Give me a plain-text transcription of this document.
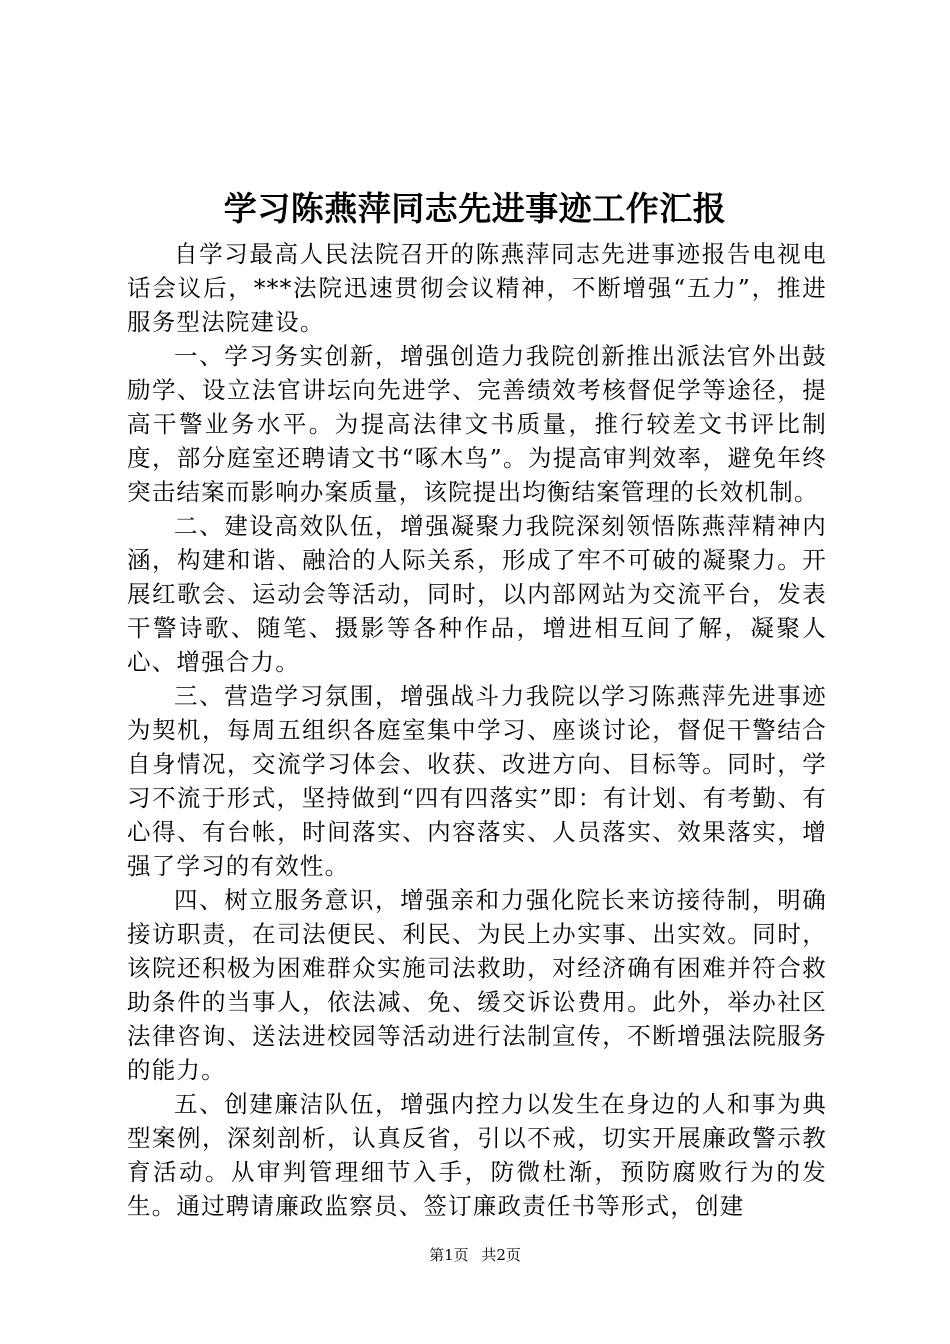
学习陈燕萍同志先进事迹工作汇报

自学习最高人民法院召开的陈燕萍同志先进事迹报告电视电话会议后，***法院迅速贯彻会议精神，不断增强“五力”，推进服务型法院建设。

一、学习务实创新，增强创造力我院创新推出派法官外出鼓励学、设立法官讲坛向先进学、完善绩效考核督促学等途径，提高干警业务水平。为提高法律文书质量，推行较差文书评比制度，部分庭室还聘请文书“啄木鸟”。为提高审判效率，避免年终突击结案而影响办案质量，该院提出均衡结案管理的长效机制。

二、建设高效队伍，增强凝聚力我院深刻领悟陈燕萍精神内涵，构建和谐、融洽的人际关系，形成了牢不可破的凝聚力。开展红歌会、运动会等活动，同时，以内部网站为交流平台，发表干警诗歌、随笔、摄影等各种作品，增进相互间了解，凝聚人心、增强合力。

三、营造学习氛围，增强战斗力我院以学习陈燕萍先进事迹为契机，每周五组织各庭室集中学习、座谈讨论，督促干警结合自身情况，交流学习体会、收获、改进方向、目标等。同时，学习不流于形式，坚持做到“四有四落实”即：有计划、有考勤、有心得、有台帐，时间落实、内容落实、人员落实、效果落实，增强了学习的有效性。

四、树立服务意识，增强亲和力强化院长来访接待制，明确接访职责，在司法便民、利民、为民上办实事、出实效。同时，该院还积极为困难群众实施司法救助，对经济确有困难并符合救助条件的当事人，依法减、免、缓交诉讼费用。此外，举办社区法律咨询、送法进校园等活动进行法制宣传，不断增强法院服务的能力。

五、创建廉洁队伍，增强内控力以发生在身边的人和事为典型案例，深刻剖析，认真反省，引以不戒，切实开展廉政警示教育活动。从审判管理细节入手，防微杜渐，预防腐败行为的发生。通过聘请廉政监察员、签订廉政责任书等形式，创建

第1页 共2页
